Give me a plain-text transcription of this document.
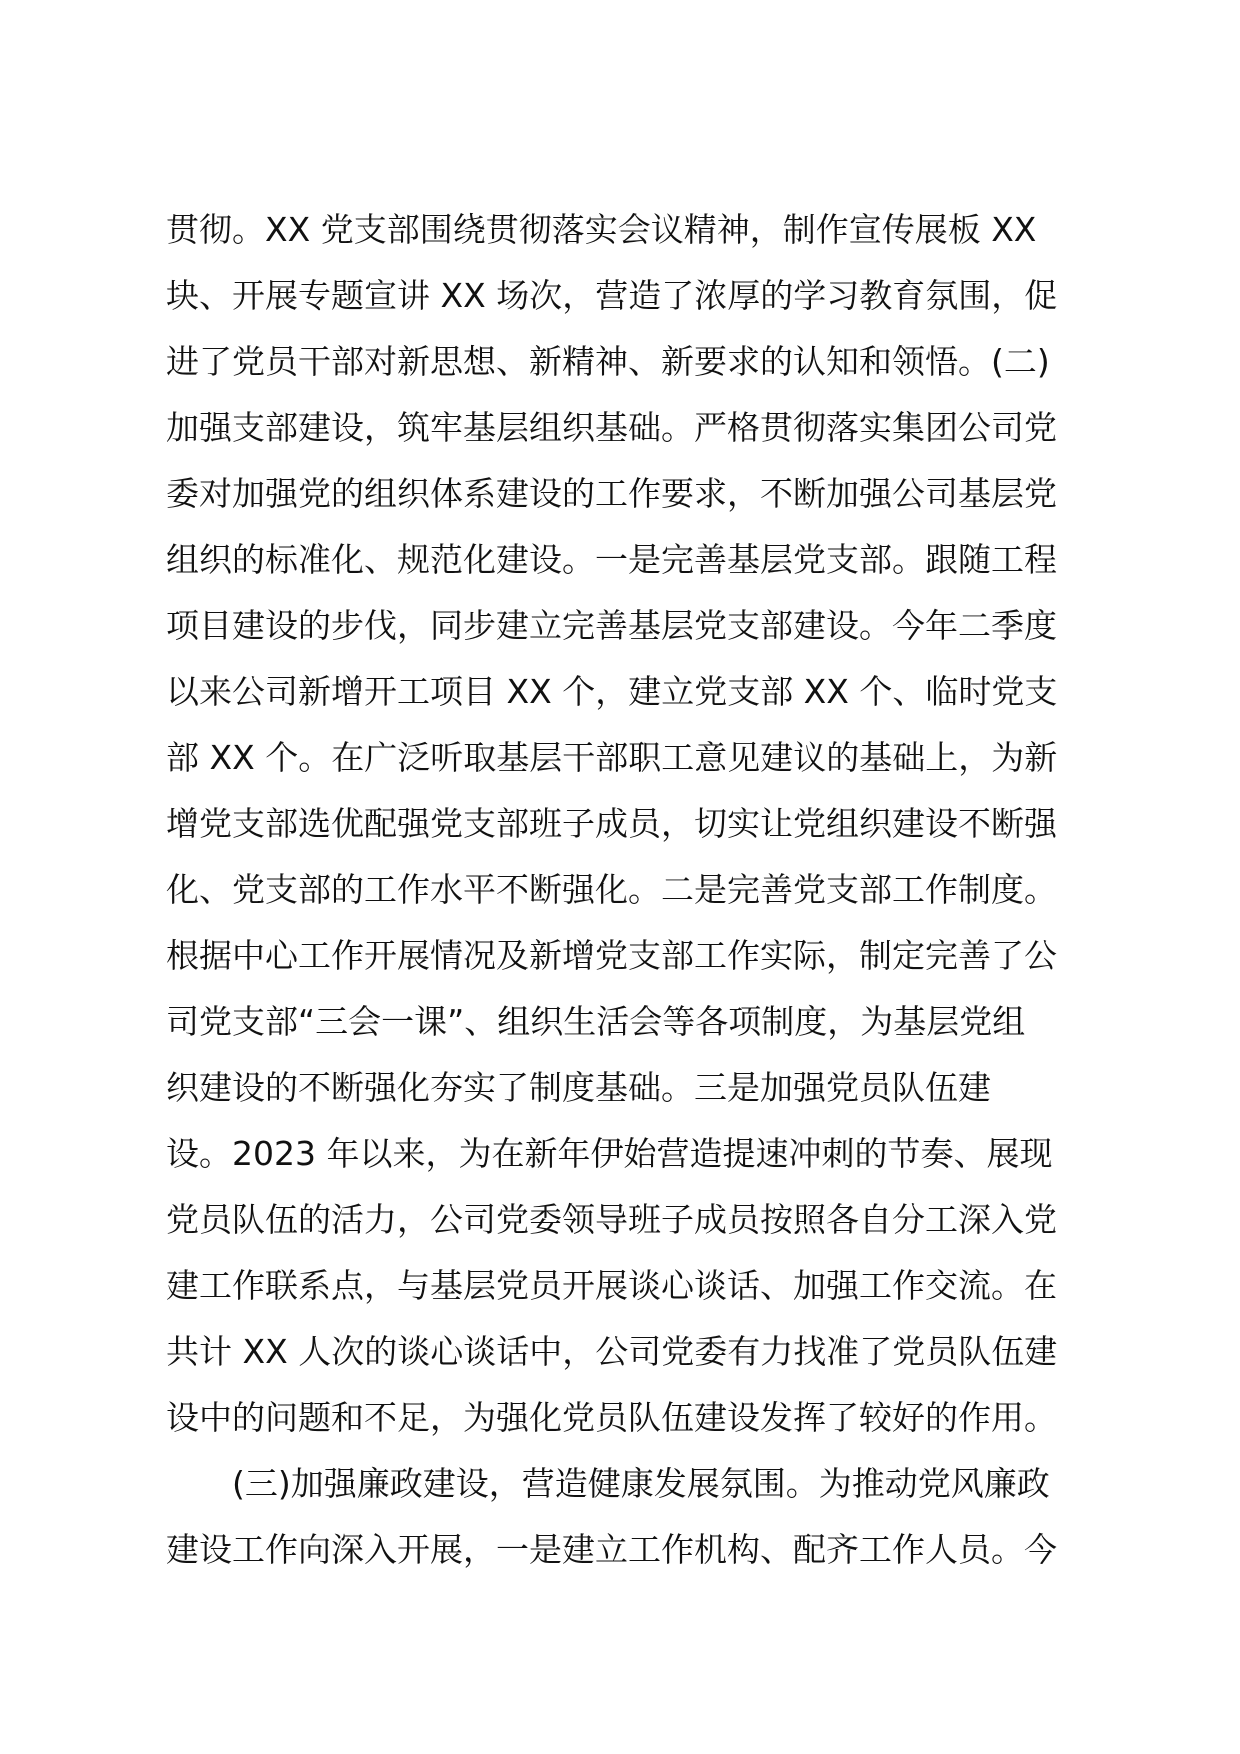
贯彻。XX 党支部围绕贯彻落实会议精神，制作宣传展板 XX
块、开展专题宣讲 XX 场次，营造了浓厚的学习教育氛围，促
进了党员干部对新思想、新精神、新要求的认知和领悟。(二)
加强支部建设，筑牢基层组织基础。严格贯彻落实集团公司党
委对加强党的组织体系建设的工作要求，不断加强公司基层党
组织的标准化、规范化建设。一是完善基层党支部。跟随工程
项目建设的步伐，同步建立完善基层党支部建设。今年二季度
以来公司新增开工项目 XX 个，建立党支部 XX 个、临时党支
部 XX 个。在广泛听取基层干部职工意见建议的基础上，为新
增党支部选优配强党支部班子成员，切实让党组织建设不断强
化、党支部的工作水平不断强化。二是完善党支部工作制度。
根据中心工作开展情况及新增党支部工作实际，制定完善了公
司党支部“三会一课”、组织生活会等各项制度，为基层党组
织建设的不断强化夯实了制度基础。三是加强党员队伍建
设。2023 年以来，为在新年伊始营造提速冲刺的节奏、展现
党员队伍的活力，公司党委领导班子成员按照各自分工深入党
建工作联系点，与基层党员开展谈心谈话、加强工作交流。在
共计 XX 人次的谈心谈话中，公司党委有力找准了党员队伍建
设中的问题和不足，为强化党员队伍建设发挥了较好的作用。
(三)加强廉政建设，营造健康发展氛围。为推动党风廉政
建设工作向深入开展，一是建立工作机构、配齐工作人员。今
